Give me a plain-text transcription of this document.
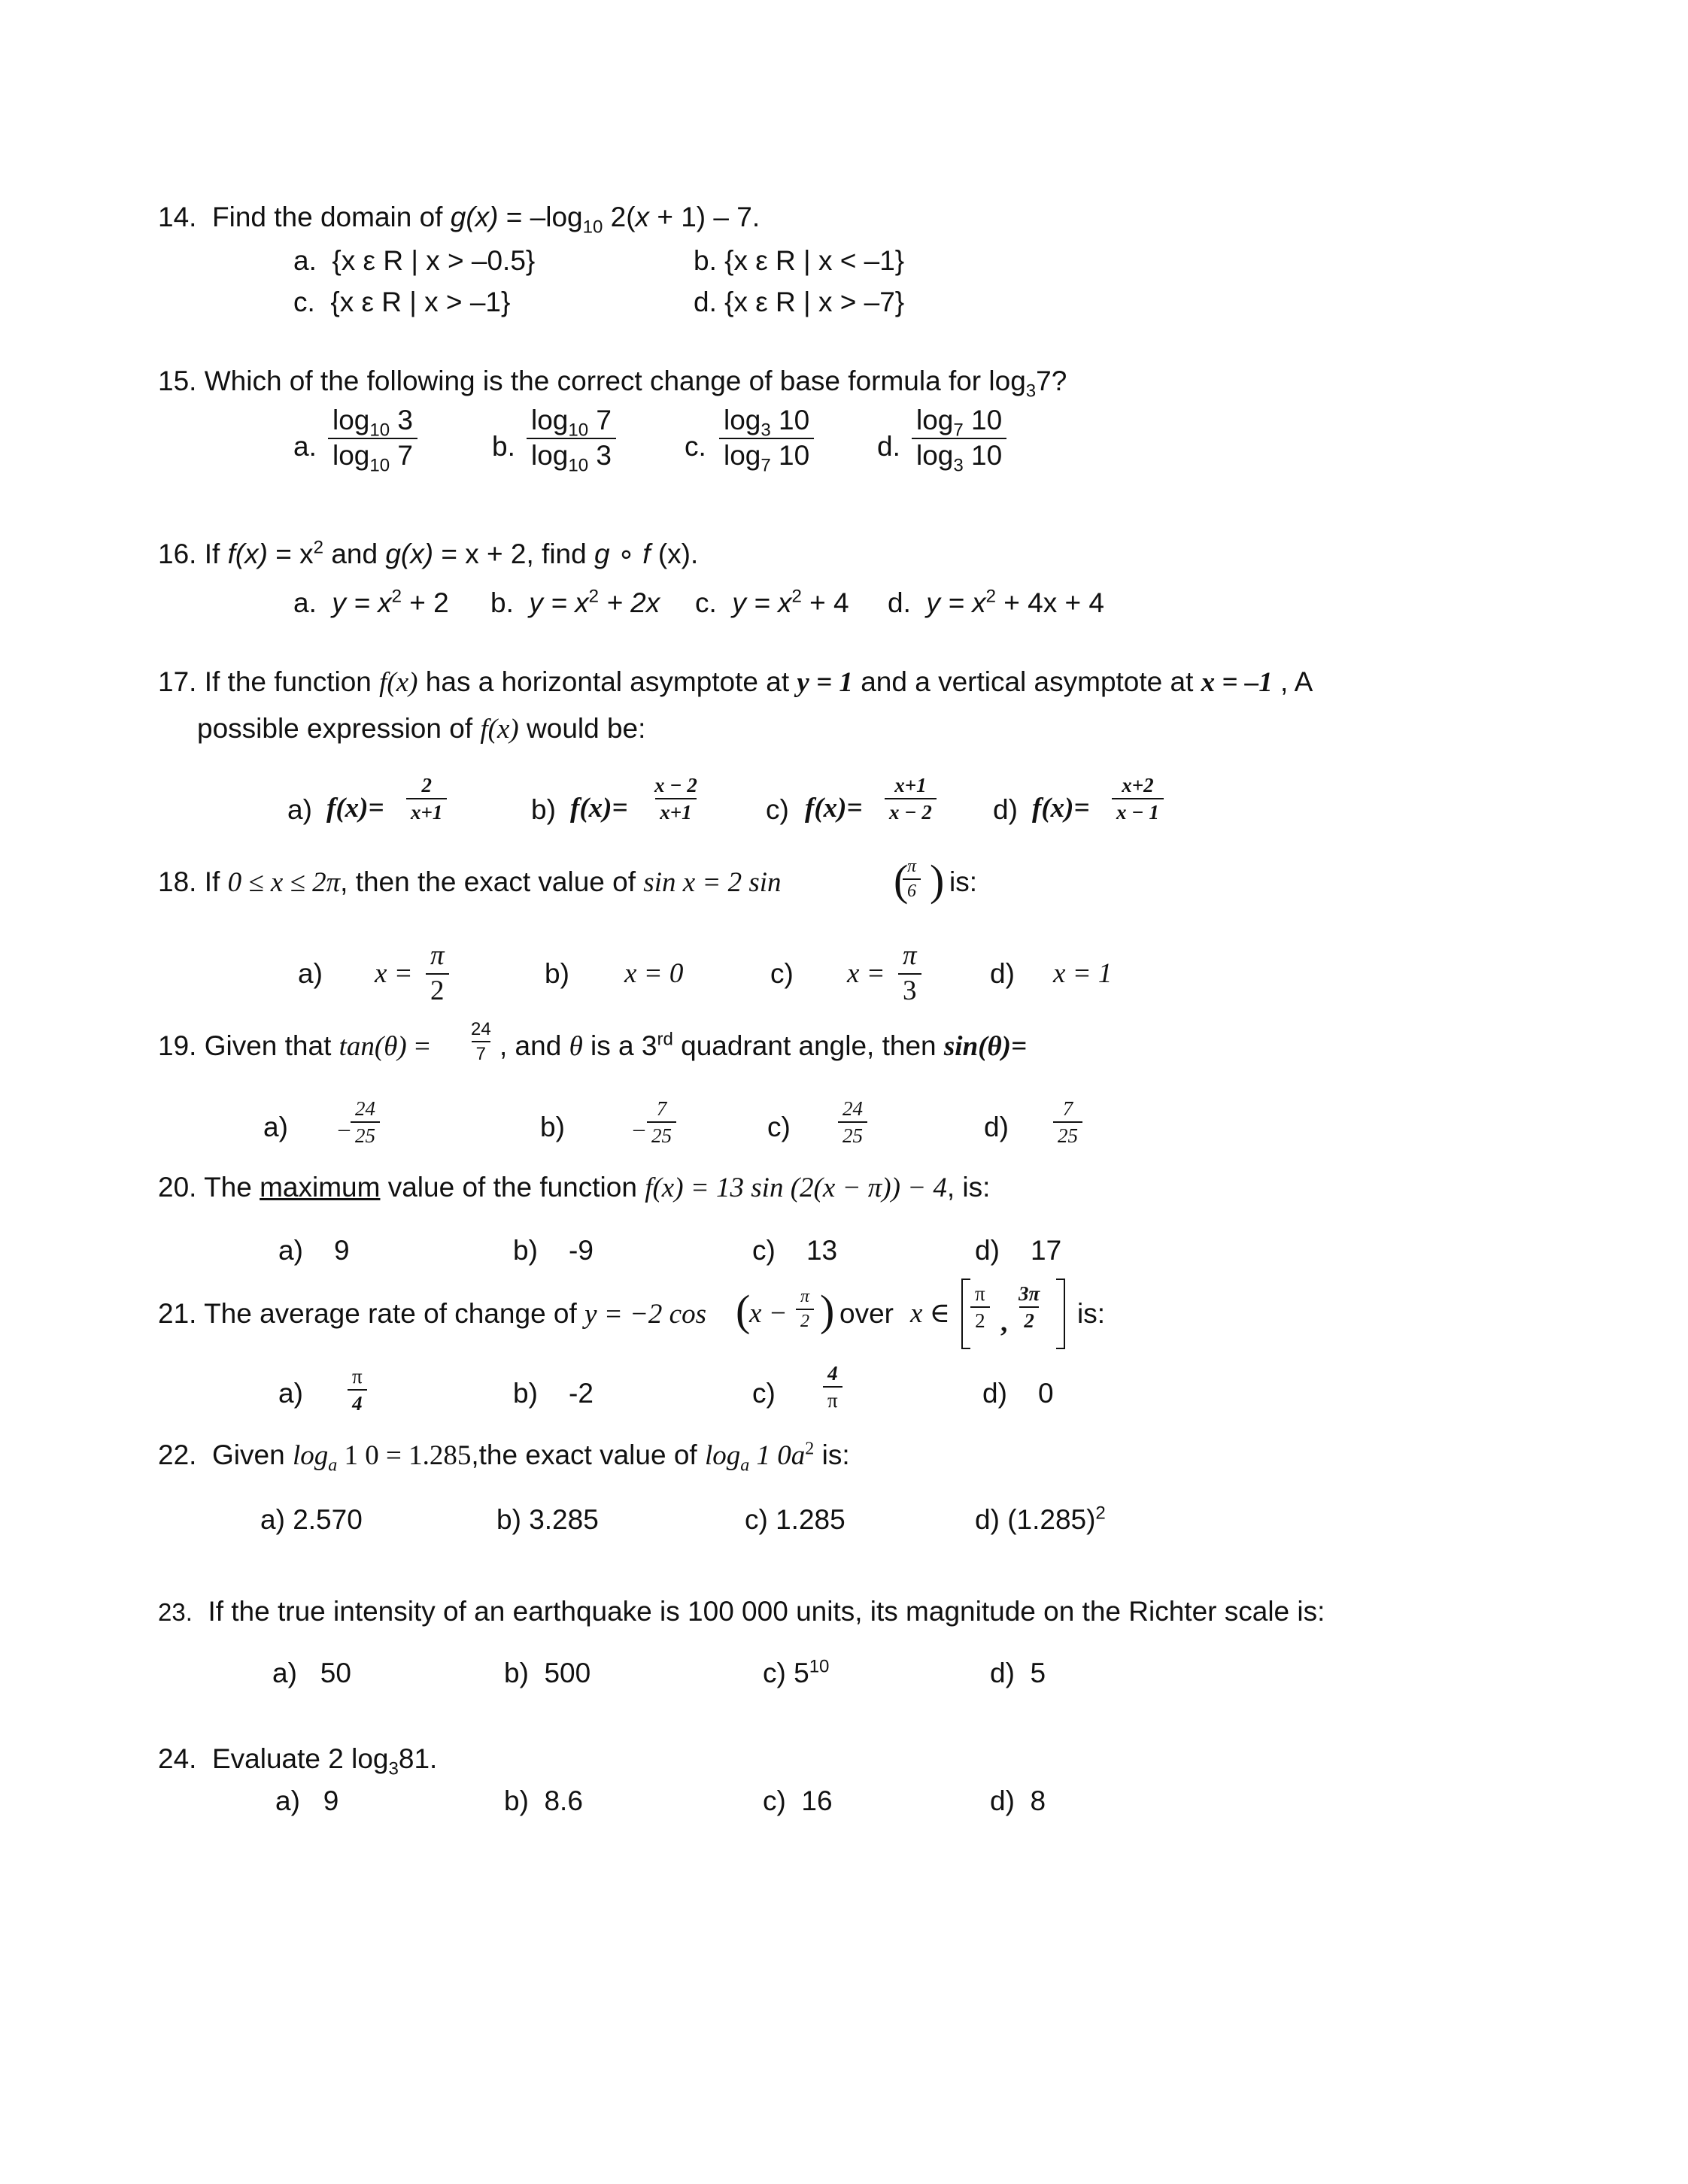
14. Find the domain of $g(x) = -\log_{10}$ 2(x + 1) – 7.
a. {x ε R | x > –0.5}	b. {x ε R | x < –1}
c. {x ε R | x > –1}	d. {x ε R | x > –7}
15. Which of the following is the correct change of base formula for $\log_37$?
a. $\frac{\log_{10} 3}{\log_{10} 7}$	b. $\frac{\log_{10} 7}{\log_{10} 3} c$. $\frac{\log_3 10}{\log_7 10} d$. $\frac{\log_7 10}{\log_3 10}$
16. If $f(x) = x^2$ and g(x) = x + 2, find g ∘ f (x).
a. $y = x^2 + 2$ b. $y = x^2 + 2x$ c. $y = x^2 + 4$ d. $y = x^2 + 4x + 4$
17. If the function f(x) has a horizontal asymptote at y = 1 and a vertical asymptote at x = –1 , A
possible expression of f(x) would be:
a) $f(x)= \frac{2}{x+1}$	b) $f(x)= \frac{x - 2}{x+1} c$) $f(x)= \frac{x+1}{x - 2} d$) $f(x)= \frac{x+2}{x - 1}$
18. If 0 ≤ x ≤ 2π, then the exact value of sin x = 2 sin	(
$\frac{\pi}{6}$ ) is:
a) $x = \frac{\pi}{2}$	b) x = 0	c) $x = \frac{\pi}{3} d$) x = 1
19. Given that $\tan(\theta) = \frac{24}{7}$ , and θ is a 3rd quadrant angle, then sin(θ)=
$a) - \frac{24}{25}$	b)	– $\frac{7}{25}$	$c) \frac{24}{25}$	$d) \frac{7}{25}$
20. The maximum value of the function f(x) = 13 sin (2(x − π)) − 4, is:
a) 9	b) -9	c) 13	d) 17
21. The average rate of change of y = −2 cos (
$x - \frac{\pi}{2}$ ) over x ∈ $\frac{\pi}{2}$ , $\frac{3\pi}{2}$ is:
$a) \frac{\pi}{4}$	b) -2	$c) \frac{4}{\pi}$	d) 0
22. Given $\log_a 1$ 0 = 1.285,the exact value of $\log_a 1$ $0a^2$ is:
a) 2.570	b) 3.285	c) 1.285	d) $(1.285)^2$
23. If the true intensity of an earthquake is 100 000 units, its magnitude on the Richter scale is:
a) 50	b) 500	c) $5^{10}$	d) 5
24. Evaluate 2 $\log_381$.
a) 9	b) 8.6	c) 16	d) 8
